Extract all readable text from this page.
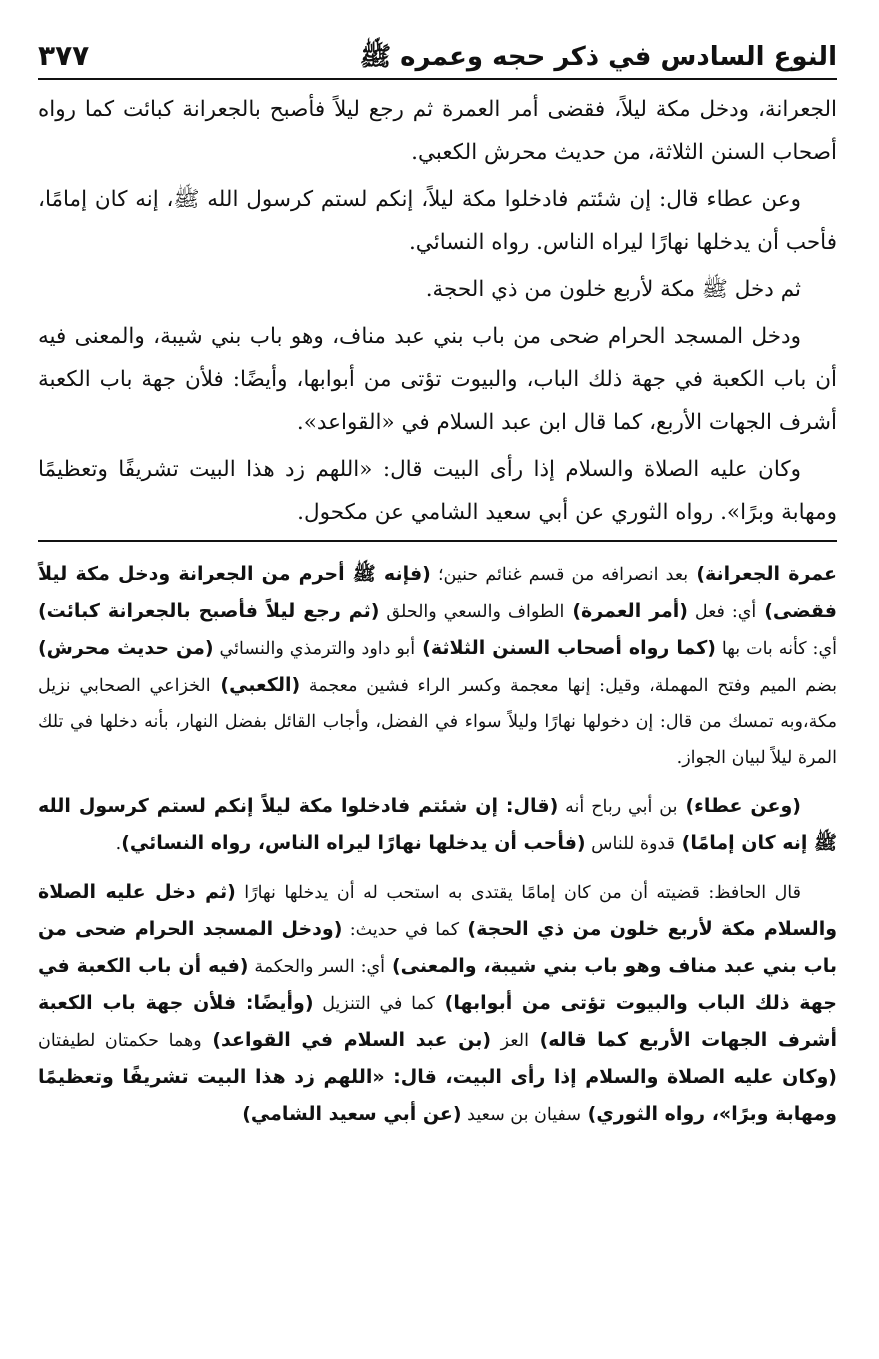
النوع السادس في ذكر حجه وعمره ﷺ
٣٧٧

الجعرانة، ودخل مكة ليلاً، فقضى أمر العمرة ثم رجع ليلاً فأصبح بالجعرانة كبائت كما رواه أصحاب السنن الثلاثة، من حديث محرش الكعبي.

وعن عطاء قال: إن شئتم فادخلوا مكة ليلاً، إنكم لستم كرسول الله ﷺ، إنه كان إمامًا، فأحب أن يدخلها نهارًا ليراه الناس. رواه النسائي.

ثم دخل ﷺ مكة لأربع خلون من ذي الحجة.

ودخل المسجد الحرام ضحى من باب بني عبد مناف، وهو باب بني شيبة، والمعنى فيه أن باب الكعبة في جهة ذلك الباب، والبيوت تؤتى من أبوابها، وأيضًا: فلأن جهة باب الكعبة أشرف الجهات الأربع، كما قال ابن عبد السلام في «القواعد».

وكان عليه الصلاة والسلام إذا رأى البيت قال: «اللهم زد هذا البيت تشريفًا وتعظيمًا ومهابة وبرًا». رواه الثوري عن أبي سعيد الشامي عن مكحول.

عمرة الجعرانة) بعد انصرافه من قسم غنائم حنين؛ (فإنه ﷺ أحرم من الجعرانة ودخل مكة ليلاً فقضى) أي: فعل (أمر العمرة) الطواف والسعي والحلق (ثم رجع ليلاً فأصبح بالجعرانة كبائت) أي: كأنه بات بها (كما رواه أصحاب السنن الثلاثة) أبو داود والترمذي والنسائي (من حديث محرش) بضم الميم وفتح المهملة، وقيل: إنها معجمة وكسر الراء فشين معجمة (الكعبي) الخزاعي الصحابي نزيل مكة،وبه تمسك من قال: إن دخولها نهارًا وليلاً سواء في الفضل، وأجاب القائل بفضل النهار، بأنه دخلها في تلك المرة ليلاً لبيان الجواز.

(وعن عطاء) بن أبي رباح أنه (قال: إن شئتم فادخلوا مكة ليلاً إنكم لستم كرسول الله ﷺ إنه كان إمامًا) قدوة للناس (فأحب أن يدخلها نهارًا ليراه الناس، رواه النسائي).

قال الحافظ: قضيته أن من كان إمامًا يقتدى به استحب له أن يدخلها نهارًا (ثم دخل عليه الصلاة والسلام مكة لأربع خلون من ذي الحجة) كما في حديث: (ودخل المسجد الحرام ضحى من باب بني عبد مناف وهو باب بني شيبة، والمعنى) أي: السر والحكمة (فيه أن باب الكعبة في جهة ذلك الباب والبيوت تؤتى من أبوابها) كما في التنزيل (وأيضًا: فلأن جهة باب الكعبة أشرف الجهات الأربع كما قاله) العز (بن عبد السلام في القواعد) وهما حكمتان لطيفتان (وكان عليه الصلاة والسلام إذا رأى البيت، قال: «اللهم زد هذا البيت تشريفًا وتعظيمًا ومهابة وبرًا»، رواه الثوري) سفيان بن سعيد (عن أبي سعيد الشامي)
